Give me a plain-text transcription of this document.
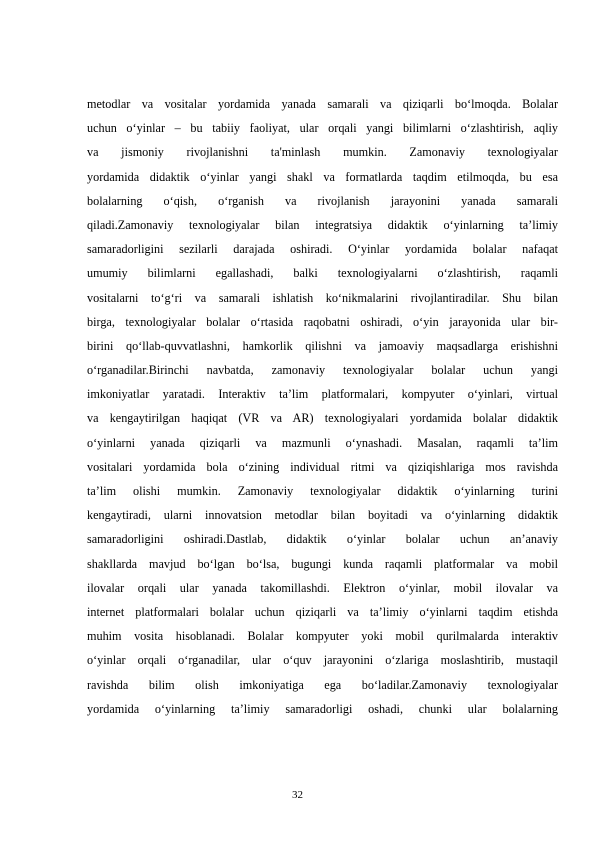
metodlar va vositalar yordamida yanada samarali va qiziqarli bo‘lmoqda. Bolalar
uchun o‘yinlar – bu tabiiy faoliyat, ular orqali yangi bilimlarni o‘zlashtirish, aqliy
va jismoniy rivojlanishni ta'minlash mumkin. Zamonaviy texnologiyalar
yordamida didaktik o‘yinlar yangi shakl va formatlarda taqdim etilmoqda, bu esa
bolalarning o‘qish, o‘rganish va rivojlanish jarayonini yanada samarali
qiladi.Zamonaviy texnologiyalar bilan integratsiya didaktik o‘yinlarning ta’limiy
samaradorligini sezilarli darajada oshiradi. O‘yinlar yordamida bolalar nafaqat
umumiy bilimlarni egallashadi, balki texnologiyalarni o‘zlashtirish, raqamli
vositalarni to‘g‘ri va samarali ishlatish ko‘nikmalarini rivojlantiradilar. Shu bilan
birga, texnologiyalar bolalar o‘rtasida raqobatni oshiradi, o‘yin jarayonida ular bir-
birini qo‘llab-quvvatlashni, hamkorlik qilishni va jamoaviy maqsadlarga erishishni
o‘rganadilar.Birinchi navbatda, zamonaviy texnologiyalar bolalar uchun yangi
imkoniyatlar yaratadi. Interaktiv ta’lim platformalari, kompyuter o‘yinlari, virtual
va kengaytirilgan haqiqat (VR va AR) texnologiyalari yordamida bolalar didaktik
o‘yinlarni yanada qiziqarli va mazmunli o‘ynashadi. Masalan, raqamli ta’lim
vositalari yordamida bola o‘zining individual ritmi va qiziqishlariga mos ravishda
ta’lim olishi mumkin. Zamonaviy texnologiyalar didaktik o‘yinlarning turini
kengaytiradi, ularni innovatsion metodlar bilan boyitadi va o‘yinlarning didaktik
samaradorligini oshiradi.Dastlab, didaktik o‘yinlar bolalar uchun an’anaviy
shakllarda mavjud bo‘lgan bo‘lsa, bugungi kunda raqamli platformalar va mobil
ilovalar orqali ular yanada takomillashdi. Elektron o‘yinlar, mobil ilovalar va
internet platformalari bolalar uchun qiziqarli va ta’limiy o‘yinlarni taqdim etishda
muhim vosita hisoblanadi. Bolalar kompyuter yoki mobil qurilmalarda interaktiv
o‘yinlar orqali o‘rganadilar, ular o‘quv jarayonini o‘zlariga moslashtirib, mustaqil
ravishda bilim olish imkoniyatiga ega bo‘ladilar.Zamonaviy texnologiyalar
yordamida o‘yinlarning ta’limiy samaradorligi oshadi, chunki ular bolalarning
32
